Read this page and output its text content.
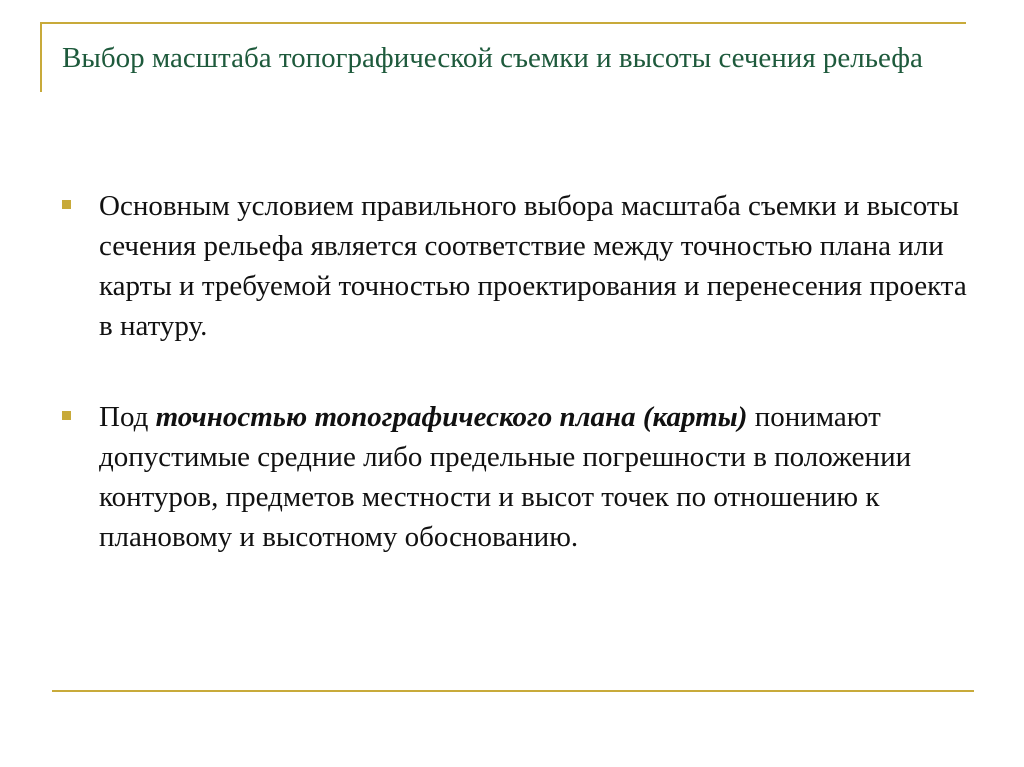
Выбор масштаба топографической съемки и высоты сечения рельефа
Основным условием правильного выбора масштаба съемки и высоты сечения рельефа является соответствие между точностью плана или карты и требуемой точностью проектирования и перенесения проекта в натуру.
Под точностью топографического плана (карты) понимают допустимые средние либо предельные погрешности в положении контуров, предметов местности и высот точек по отношению к плановому и высотному обоснованию.
